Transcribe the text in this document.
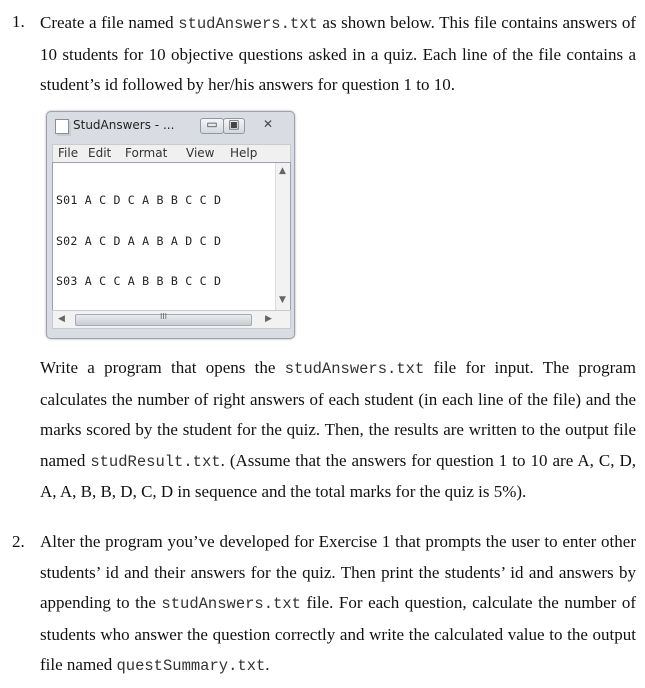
1. Create a file named studAnswers.txt as shown below. This file contains answers of 10 students for 10 objective questions asked in a quiz. Each line of the file contains a student’s id followed by her/his answers for question 1 to 10.
StudAnswers - ...	▭ ▣	✕
File Edit Format View Help

S01 A C D C A B B C C D

S02 A C D A A B A D C D

S03 A C C A B B B C C D

▲
▼
◀	III	▶
Write a program that opens the studAnswers.txt file for input. The program calculates the number of right answers of each student (in each line of the file) and the marks scored by the student for the quiz. Then, the results are written to the output file named studResult.txt. (Assume that the answers for question 1 to 10 are A, C, D, A, A, B, B, D, C, D in sequence and the total marks for the quiz is 5%).
2. Alter the program you’ve developed for Exercise 1 that prompts the user to enter other students’ id and their answers for the quiz. Then print the students’ id and answers by appending to the studAnswers.txt file. For each question, calculate the number of students who answer the question correctly and write the calculated value to the output file named questSummary.txt.
